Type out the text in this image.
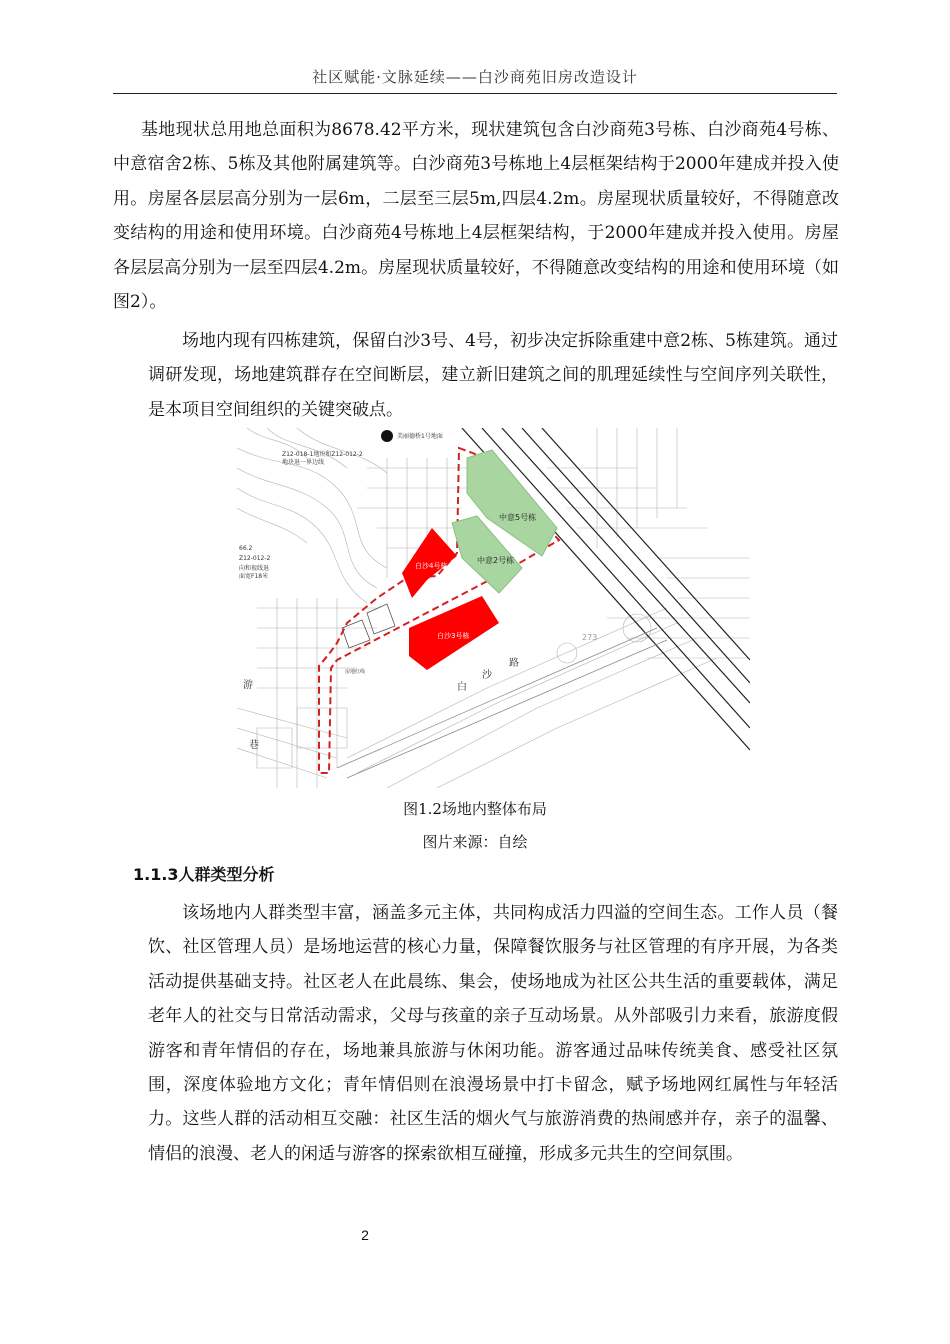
社区赋能·文脉延续——白沙商苑旧房改造设计

基地现状总用地总面积为8678.42平方米，现状建筑包含白沙商苑3号栋、白沙商苑4号栋、中意宿舍2栋、5栋及其他附属建筑等。白沙商苑3号栋地上4层框架结构于2000年建成并投入使用。房屋各层层高分别为一层6m，二层至三层5m,四层4.2m。房屋现状质量较好，不得随意改变结构的用途和使用环境。白沙商苑4号栋地上4层框架结构，于2000年建成并投入使用。房屋各层层高分别为一层至四层4.2m。房屋现状质量较好，不得随意改变结构的用途和使用环境（如图2）。

场地内现有四栋建筑，保留白沙3号、4号，初步决定拆除重建中意2栋、5栋建筑。通过调研发现，场地建筑群存在空间断层，建立新旧建筑之间的肌理延续性与空间序列关联性，是本项目空间组织的关键突破点。

Z12-018-1地块和Z12-012-2
地块退一界边线
美丽德桥1号地面
66.2
Z12-012-2
向和视线退
面宽F18米
中意5号栋
中意2号栋
白沙4号栋
白沙3号栋
白
沙
路
游
巷
房地红线
273
图1.2场地内整体布局
图片来源：自绘
1.1.3人群类型分析

该场地内人群类型丰富，涵盖多元主体，共同构成活力四溢的空间生态。工作人员（餐饮、社区管理人员）是场地运营的核心力量，保障餐饮服务与社区管理的有序开展，为各类活动提供基础支持。社区老人在此晨练、集会，使场地成为社区公共生活的重要载体，满足老年人的社交与日常活动需求，父母与孩童的亲子互动场景。从外部吸引力来看，旅游度假游客和青年情侣的存在，场地兼具旅游与休闲功能。游客通过品味传统美食、感受社区氛围，深度体验地方文化；青年情侣则在浪漫场景中打卡留念，赋予场地网红属性与年轻活力。这些人群的活动相互交融：社区生活的烟火气与旅游消费的热闹感并存，亲子的温馨、情侣的浪漫、老人的闲适与游客的探索欲相互碰撞，形成多元共生的空间氛围。

2
